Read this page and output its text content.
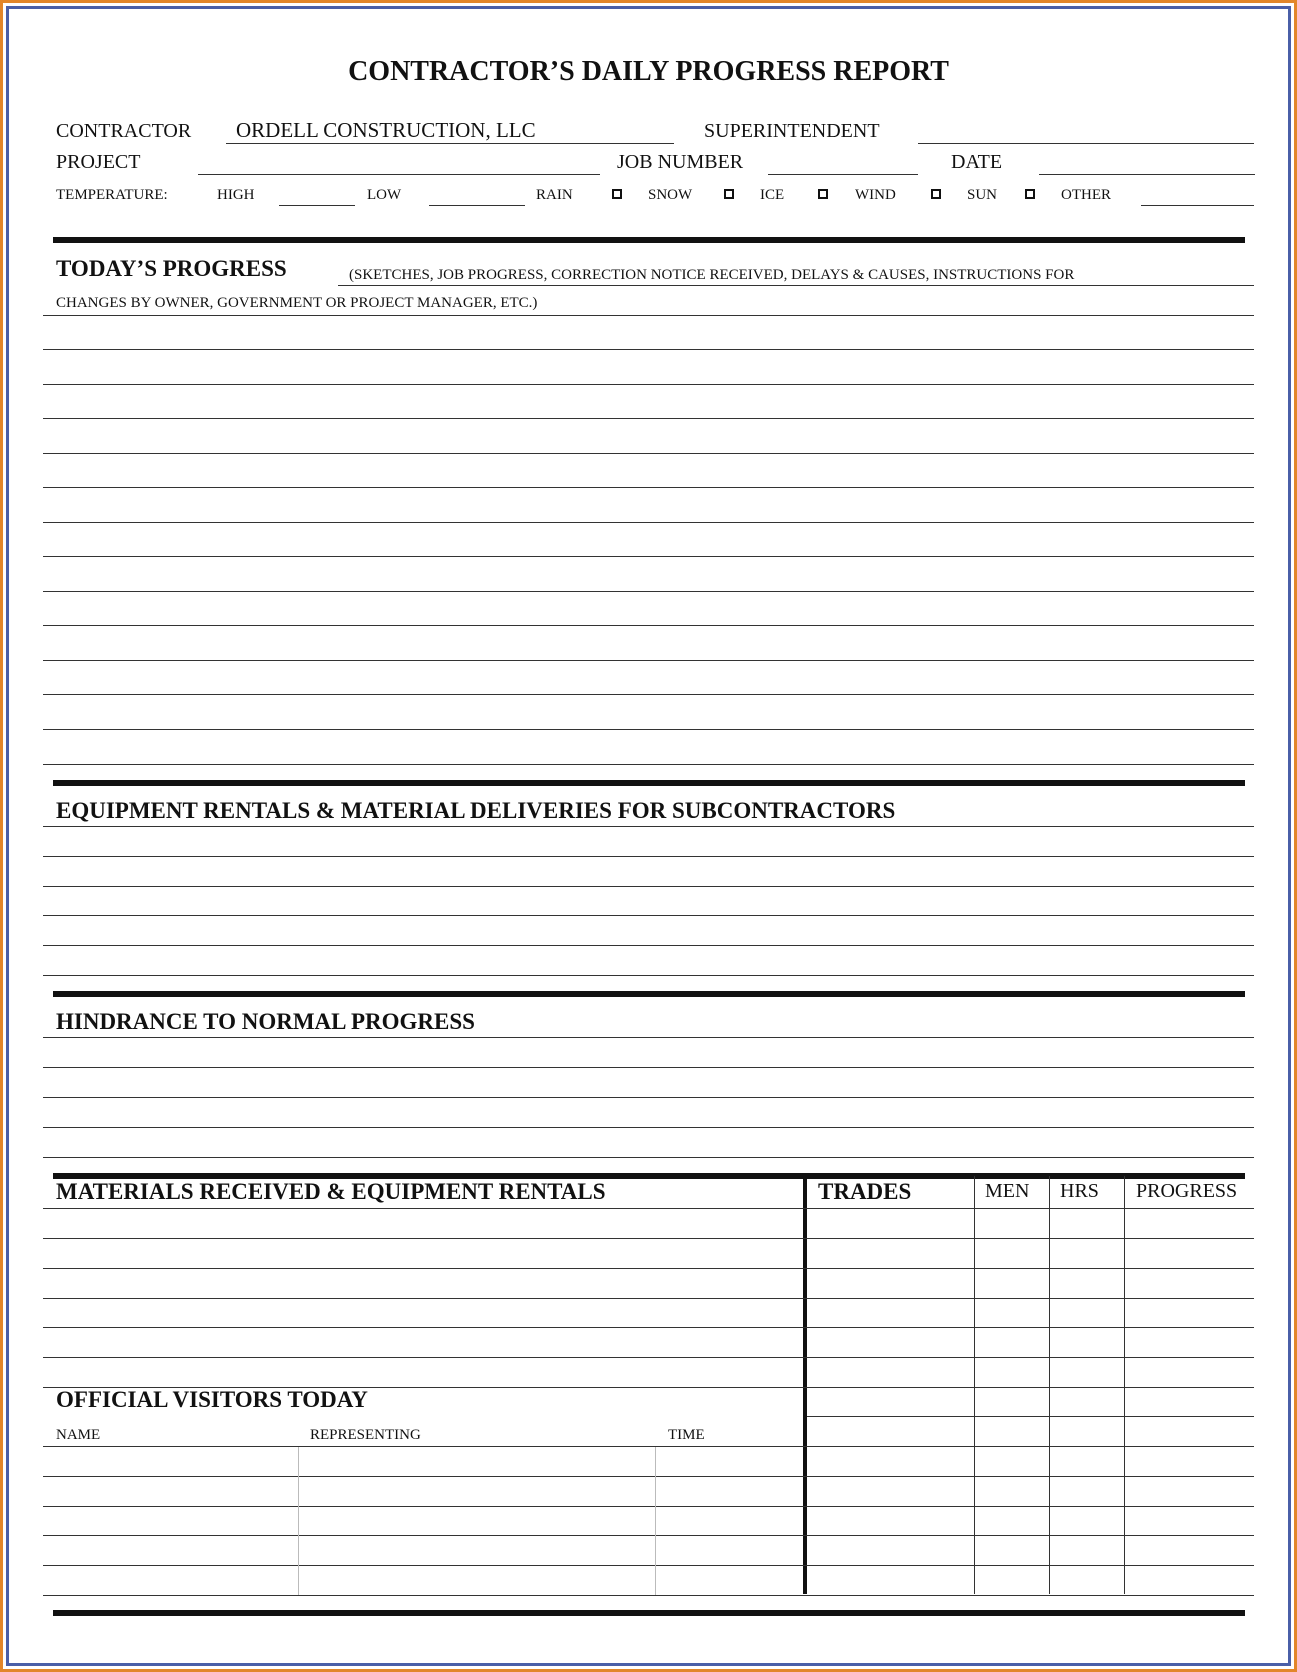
CONTRACTOR’S DAILY PROGRESS REPORT
CONTRACTOR ORDELL CONSTRUCTION, LLC	SUPERINTENDENT
PROJECT	JOB NUMBER	DATE
TEMPERATURE:	HIGH	LOW	RAIN	SNOW	ICE	WIND	SUN	OTHER
TODAY’S PROGRESS	(SKETCHES, JOB PROGRESS, CORRECTION NOTICE RECEIVED, DELAYS & CAUSES, INSTRUCTIONS FOR
CHANGES BY OWNER, GOVERNMENT OR PROJECT MANAGER, ETC.)
EQUIPMENT RENTALS & MATERIAL DELIVERIES FOR SUBCONTRACTORS
HINDRANCE TO NORMAL PROGRESS
MATERIALS RECEIVED & EQUIPMENT RENTALS	TRADES	MEN HRS PROGRESS
OFFICIAL VISITORS TODAY
NAME	REPRESENTING	TIME
